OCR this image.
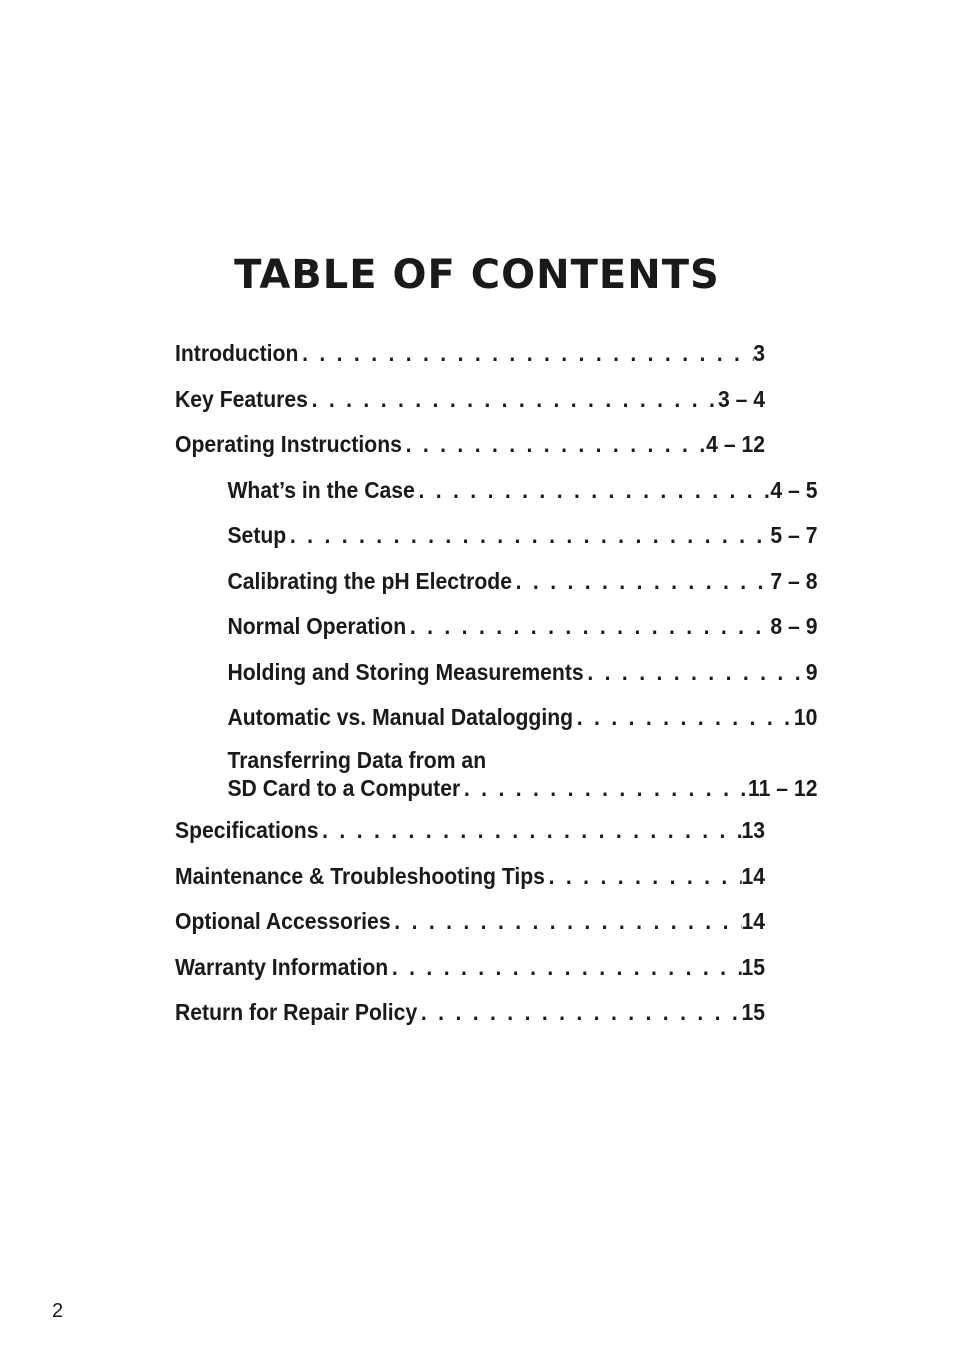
TABLE OF CONTENTS
Introduction . . .	3
Key Features . . .	3 – 4
Operating Instructions . . .	4 – 12
What’s in the Case . . .	4 – 5
Setup . . .	5 – 7
Calibrating the pH Electrode . . .	7 – 8
Normal Operation . . .	8 – 9
Holding and Storing Measurements . . .	9
Automatic vs. Manual Datalogging . . .	10
Transferring Data from an
SD Card to a Computer . . .	11 – 12
Specifications . . .	13
Maintenance & Troubleshooting Tips . . .	14
Optional Accessories . . .	14
Warranty Information . . .	15
Return for Repair Policy . . .	15
2
